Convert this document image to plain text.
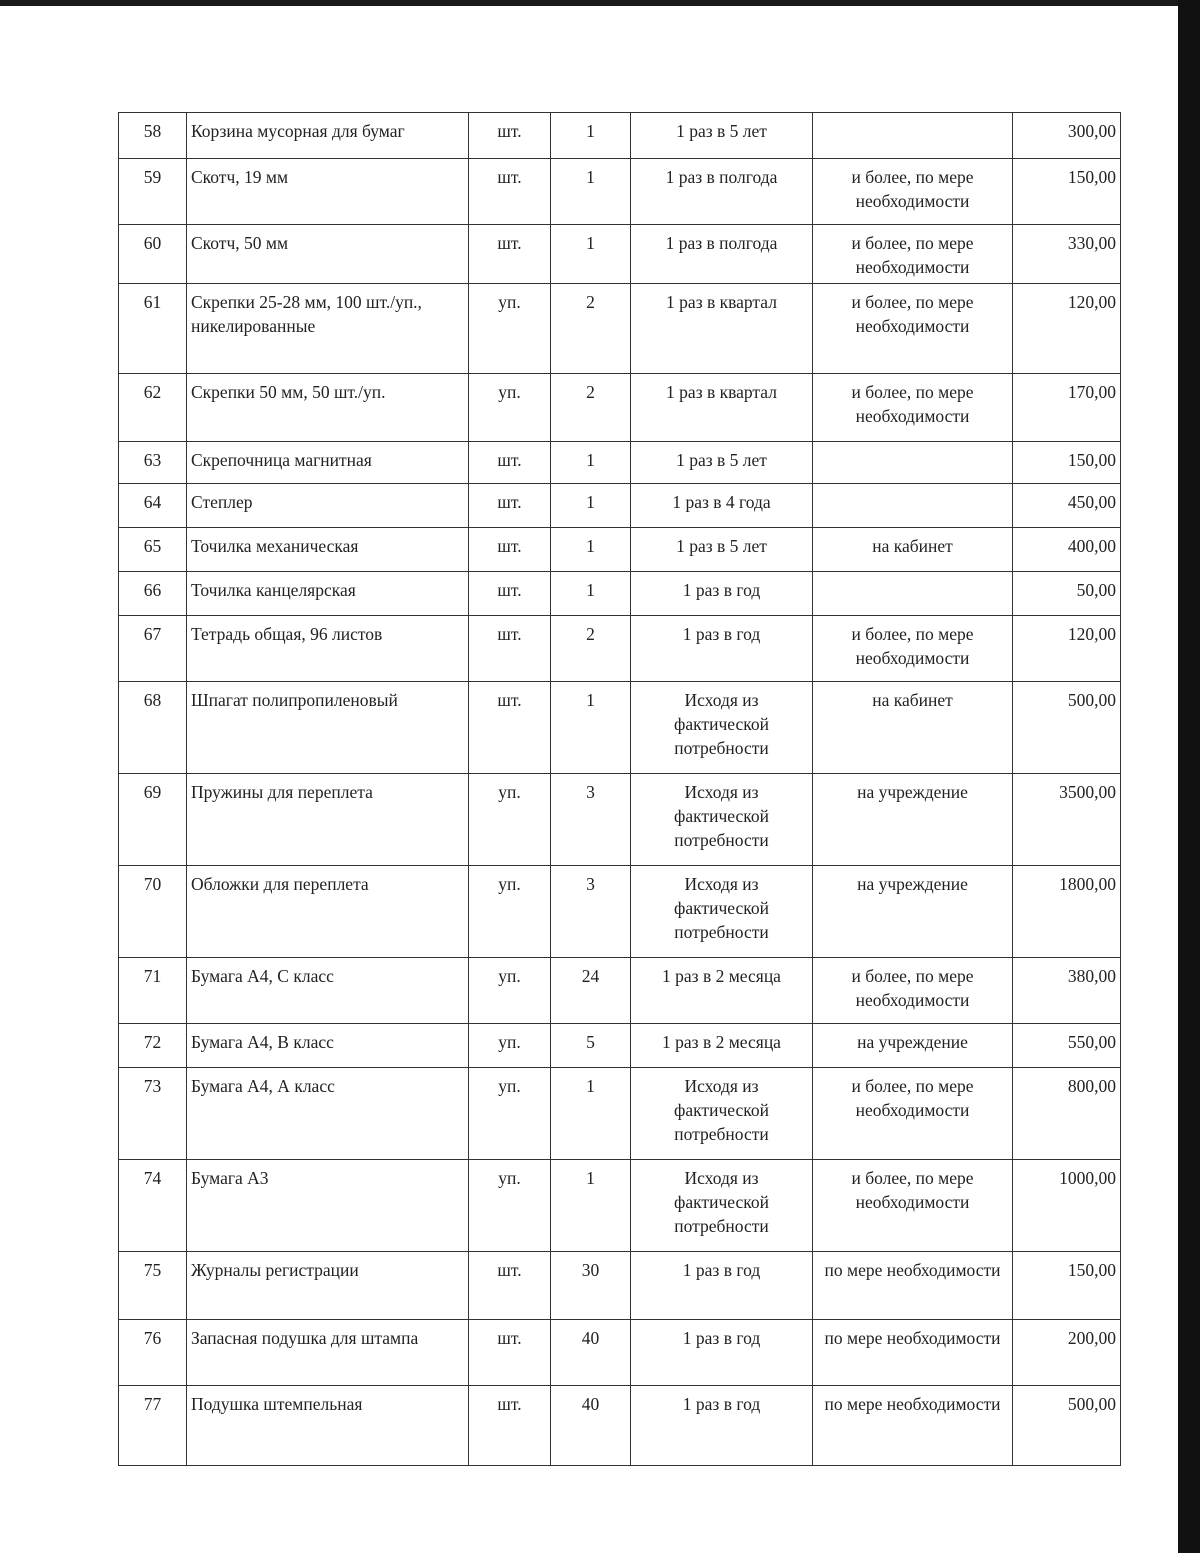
58	Корзина мусорная для бумаг	шт.	1	1 раз в 5 лет		300,00
59	Скотч, 19 мм	шт.	1	1 раз в полгода	и более, по мере необходимости	150,00
60	Скотч, 50 мм	шт.	1	1 раз в полгода	и более, по мере необходимости	330,00
61	Скрепки 25-28 мм, 100 шт./уп., никелированные	уп.	2	1 раз в квартал	и более, по мере необходимости	120,00
62	Скрепки 50 мм, 50 шт./уп.	уп.	2	1 раз в квартал	и более, по мере необходимости	170,00
63	Скрепочница магнитная	шт.	1	1 раз в 5 лет		150,00
64	Степлер	шт.	1	1 раз в 4 года		450,00
65	Точилка механическая	шт.	1	1 раз в 5 лет	на кабинет	400,00
66	Точилка канцелярская	шт.	1	1 раз в год		50,00
67	Тетрадь общая, 96 листов	шт.	2	1 раз в год	и более, по мере необходимости	120,00
68	Шпагат полипропиленовый	шт.	1	Исходя из фактической потребности	на кабинет	500,00
69	Пружины для переплета	уп.	3	Исходя из фактической потребности	на учреждение	3500,00
70	Обложки для переплета	уп.	3	Исходя из фактической потребности	на учреждение	1800,00
71	Бумага А4, С класс	уп.	24	1 раз в 2 месяца	и более, по мере необходимости	380,00
72	Бумага А4, В класс	уп.	5	1 раз в 2 месяца	на учреждение	550,00
73	Бумага А4, А класс	уп.	1	Исходя из фактической потребности	и более, по мере необходимости	800,00
74	Бумага А3	уп.	1	Исходя из фактической потребности	и более, по мере необходимости	1000,00
75	Журналы регистрации	шт.	30	1 раз в год	по мере необходимости	150,00
76	Запасная подушка для штампа	шт.	40	1 раз в год	по мере необходимости	200,00
77	Подушка штемпельная	шт.	40	1 раз в год	по мере необходимости	500,00
